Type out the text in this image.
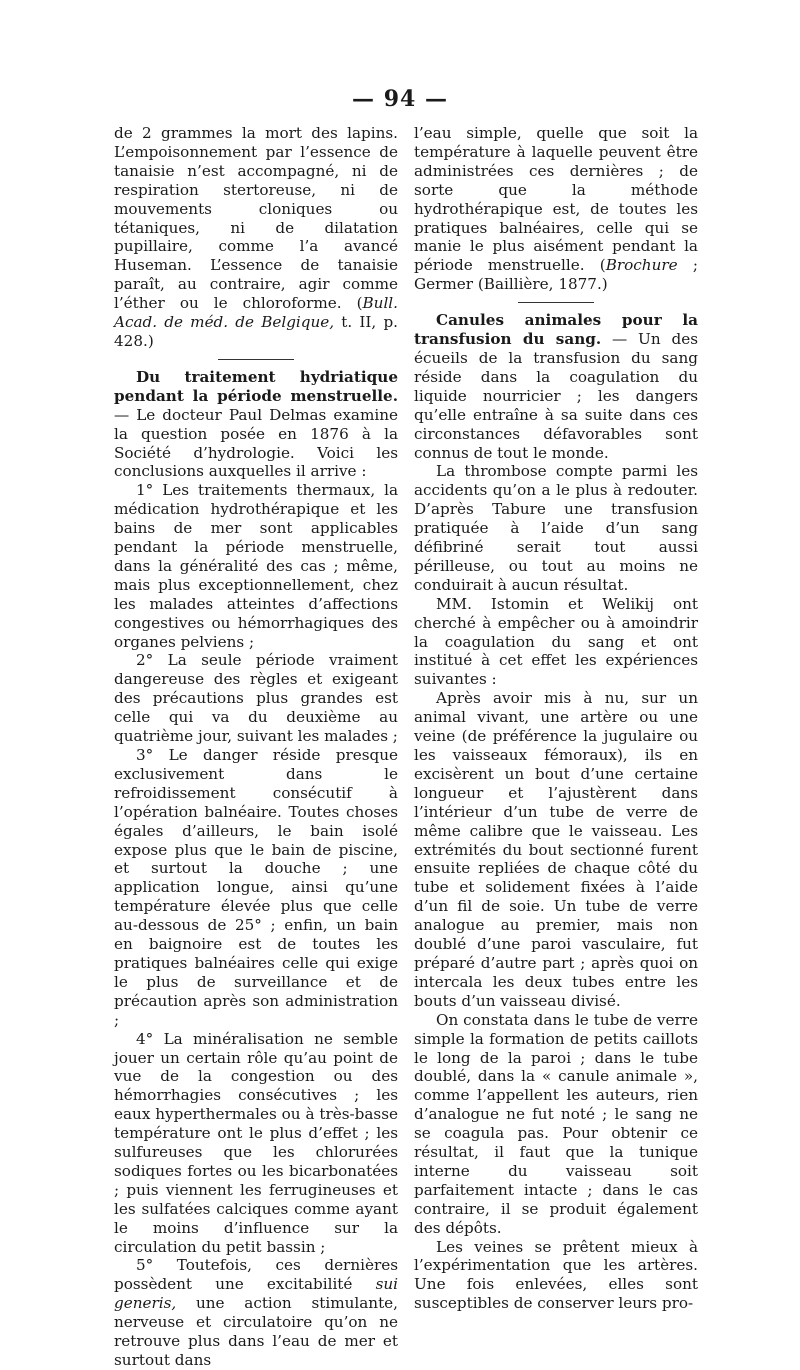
— 94 —

de 2 grammes la mort des lapins. L’empoisonnement par l’essence de tanaisie n’est accompagné, ni de respiration stertoreuse, ni de mouvements cloniques ou tétaniques, ni de dilatation pupillaire, comme l’a avancé Huseman. L’essence de tanaisie paraît, au contraire, agir comme l’éther ou le chloroforme. (Bull. Acad. de méd. de Belgique, t. II, p. 428.)

Du traitement hydriatique pendant la période menstruelle. — Le docteur Paul Delmas examine la question posée en 1876 à la Société d’hydrologie. Voici les conclusions auxquelles il arrive :

1° Les traitements thermaux, la médication hydrothérapique et les bains de mer sont applicables pendant la période menstruelle, dans la généralité des cas ; même, mais plus exceptionnellement, chez les malades atteintes d’affections congestives ou hémorrhagiques des organes pelviens ;

2° La seule période vraiment dangereuse des règles et exigeant des précautions plus grandes est celle qui va du deuxième au quatrième jour, suivant les malades ;

3° Le danger réside presque exclusivement dans le refroidissement consécutif à l’opération balnéaire. Toutes choses égales d’ailleurs, le bain isolé expose plus que le bain de piscine, et surtout la douche ; une application longue, ainsi qu’une température élevée plus que celle au-dessous de 25° ; enfin, un bain en baignoire est de toutes les pratiques balnéaires celle qui exige le plus de surveillance et de précaution après son administration ;

4° La minéralisation ne semble jouer un certain rôle qu’au point de vue de la congestion ou des hémorrhagies consécutives ; les eaux hyperthermales ou à très-basse température ont le plus d’effet ; les sulfureuses que les chlorurées sodiques fortes ou les bicarbonatées ; puis viennent les ferrugineuses et les sulfatées calciques comme ayant le moins d’influence sur la circulation du petit bassin ;

5° Toutefois, ces dernières possèdent une excitabilité sui generis, une action stimulante, nerveuse et circulatoire qu’on ne retrouve plus dans l’eau de mer et surtout dans

l’eau simple, quelle que soit la température à laquelle peuvent être administrées ces dernières ; de sorte que la méthode hydrothérapique est, de toutes les pratiques balnéaires, celle qui se manie le plus aisément pendant la période menstruelle. (Brochure ; Germer (Baillière, 1877.)

Canules animales pour la transfusion du sang. — Un des écueils de la transfusion du sang réside dans la coagulation du liquide nourricier ; les dangers qu’elle entraîne à sa suite dans ces circonstances défavorables sont connus de tout le monde.

La thrombose compte parmi les accidents qu’on a le plus à redouter. D’après Tabure une transfusion pratiquée à l’aide d’un sang défibriné serait tout aussi périlleuse, ou tout au moins ne conduirait à aucun résultat.

MM. Istomin et Welikij ont cherché à empêcher ou à amoindrir la coagulation du sang et ont institué à cet effet les expériences suivantes :

Après avoir mis à nu, sur un animal vivant, une artère ou une veine (de préférence la jugulaire ou les vaisseaux fémoraux), ils en excisèrent un bout d’une certaine longueur et l’ajustèrent dans l’intérieur d’un tube de verre de même calibre que le vaisseau. Les extrémités du bout sectionné furent ensuite repliées de chaque côté du tube et solidement fixées à l’aide d’un fil de soie. Un tube de verre analogue au premier, mais non doublé d’une paroi vasculaire, fut préparé d’autre part ; après quoi on intercala les deux tubes entre les bouts d’un vaisseau divisé.

On constata dans le tube de verre simple la formation de petits caillots le long de la paroi ; dans le tube doublé, dans la « canule animale », comme l’appellent les auteurs, rien d’analogue ne fut noté ; le sang ne se coagula pas. Pour obtenir ce résultat, il faut que la tunique interne du vaisseau soit parfaitement intacte ; dans le cas contraire, il se produit également des dépôts.

Les veines se prêtent mieux à l’expérimentation que les artères. Une fois enlevées, elles sont susceptibles de conserver leurs pro-
